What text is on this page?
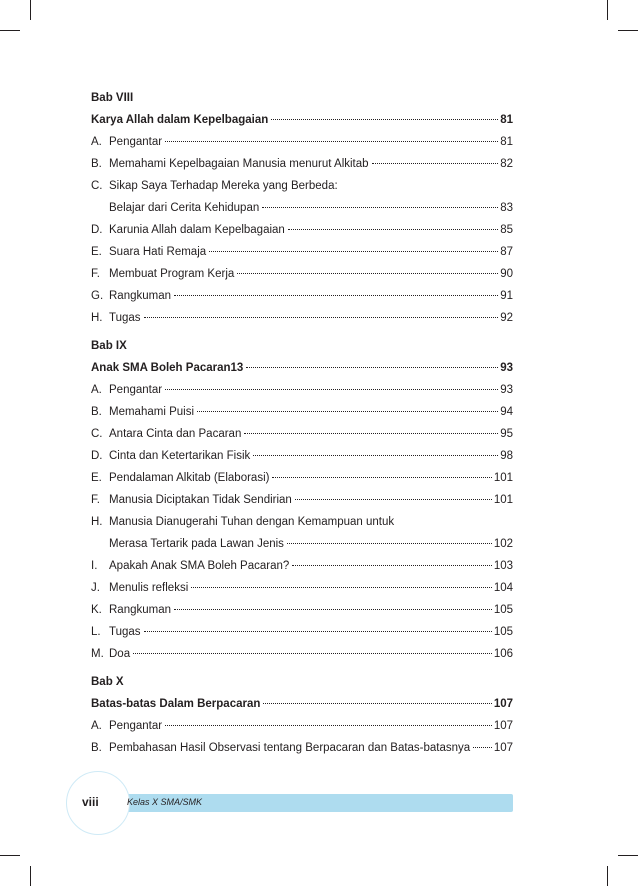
Bab VIII
Karya Allah dalam Kepelbagaian	81
A. Pengantar	81
B. Memahami Kepelbagaian Manusia menurut Alkitab	82
C. Sikap Saya Terhadap Mereka yang Berbeda:
Belajar dari Cerita Kehidupan	83
D. Karunia Allah dalam Kepelbagaian	85
E. Suara Hati Remaja	87
F. Membuat Program Kerja	90
G. Rangkuman	91
H. Tugas	92
Bab IX
Anak SMA Boleh Pacaran13	93
A. Pengantar	93
B. Memahami Puisi	94
C. Antara Cinta dan Pacaran	95
D. Cinta dan Ketertarikan Fisik	98
E. Pendalaman Alkitab (Elaborasi)	101
F. Manusia Diciptakan Tidak Sendirian	101
H. Manusia Dianugerahi Tuhan dengan Kemampuan untuk
Merasa Tertarik pada Lawan Jenis	102
I.	Apakah Anak SMA Boleh Pacaran?	103
J. Menulis refleksi	104
K. Rangkuman	105
L. Tugas	105
M. Doa	106
Bab X
Batas-batas Dalam Berpacaran	107
A. Pengantar	107
B. Pembahasan Hasil Observasi tentang Berpacaran dan Batas-batasnya 107
viii	Kelas X SMA/SMK
